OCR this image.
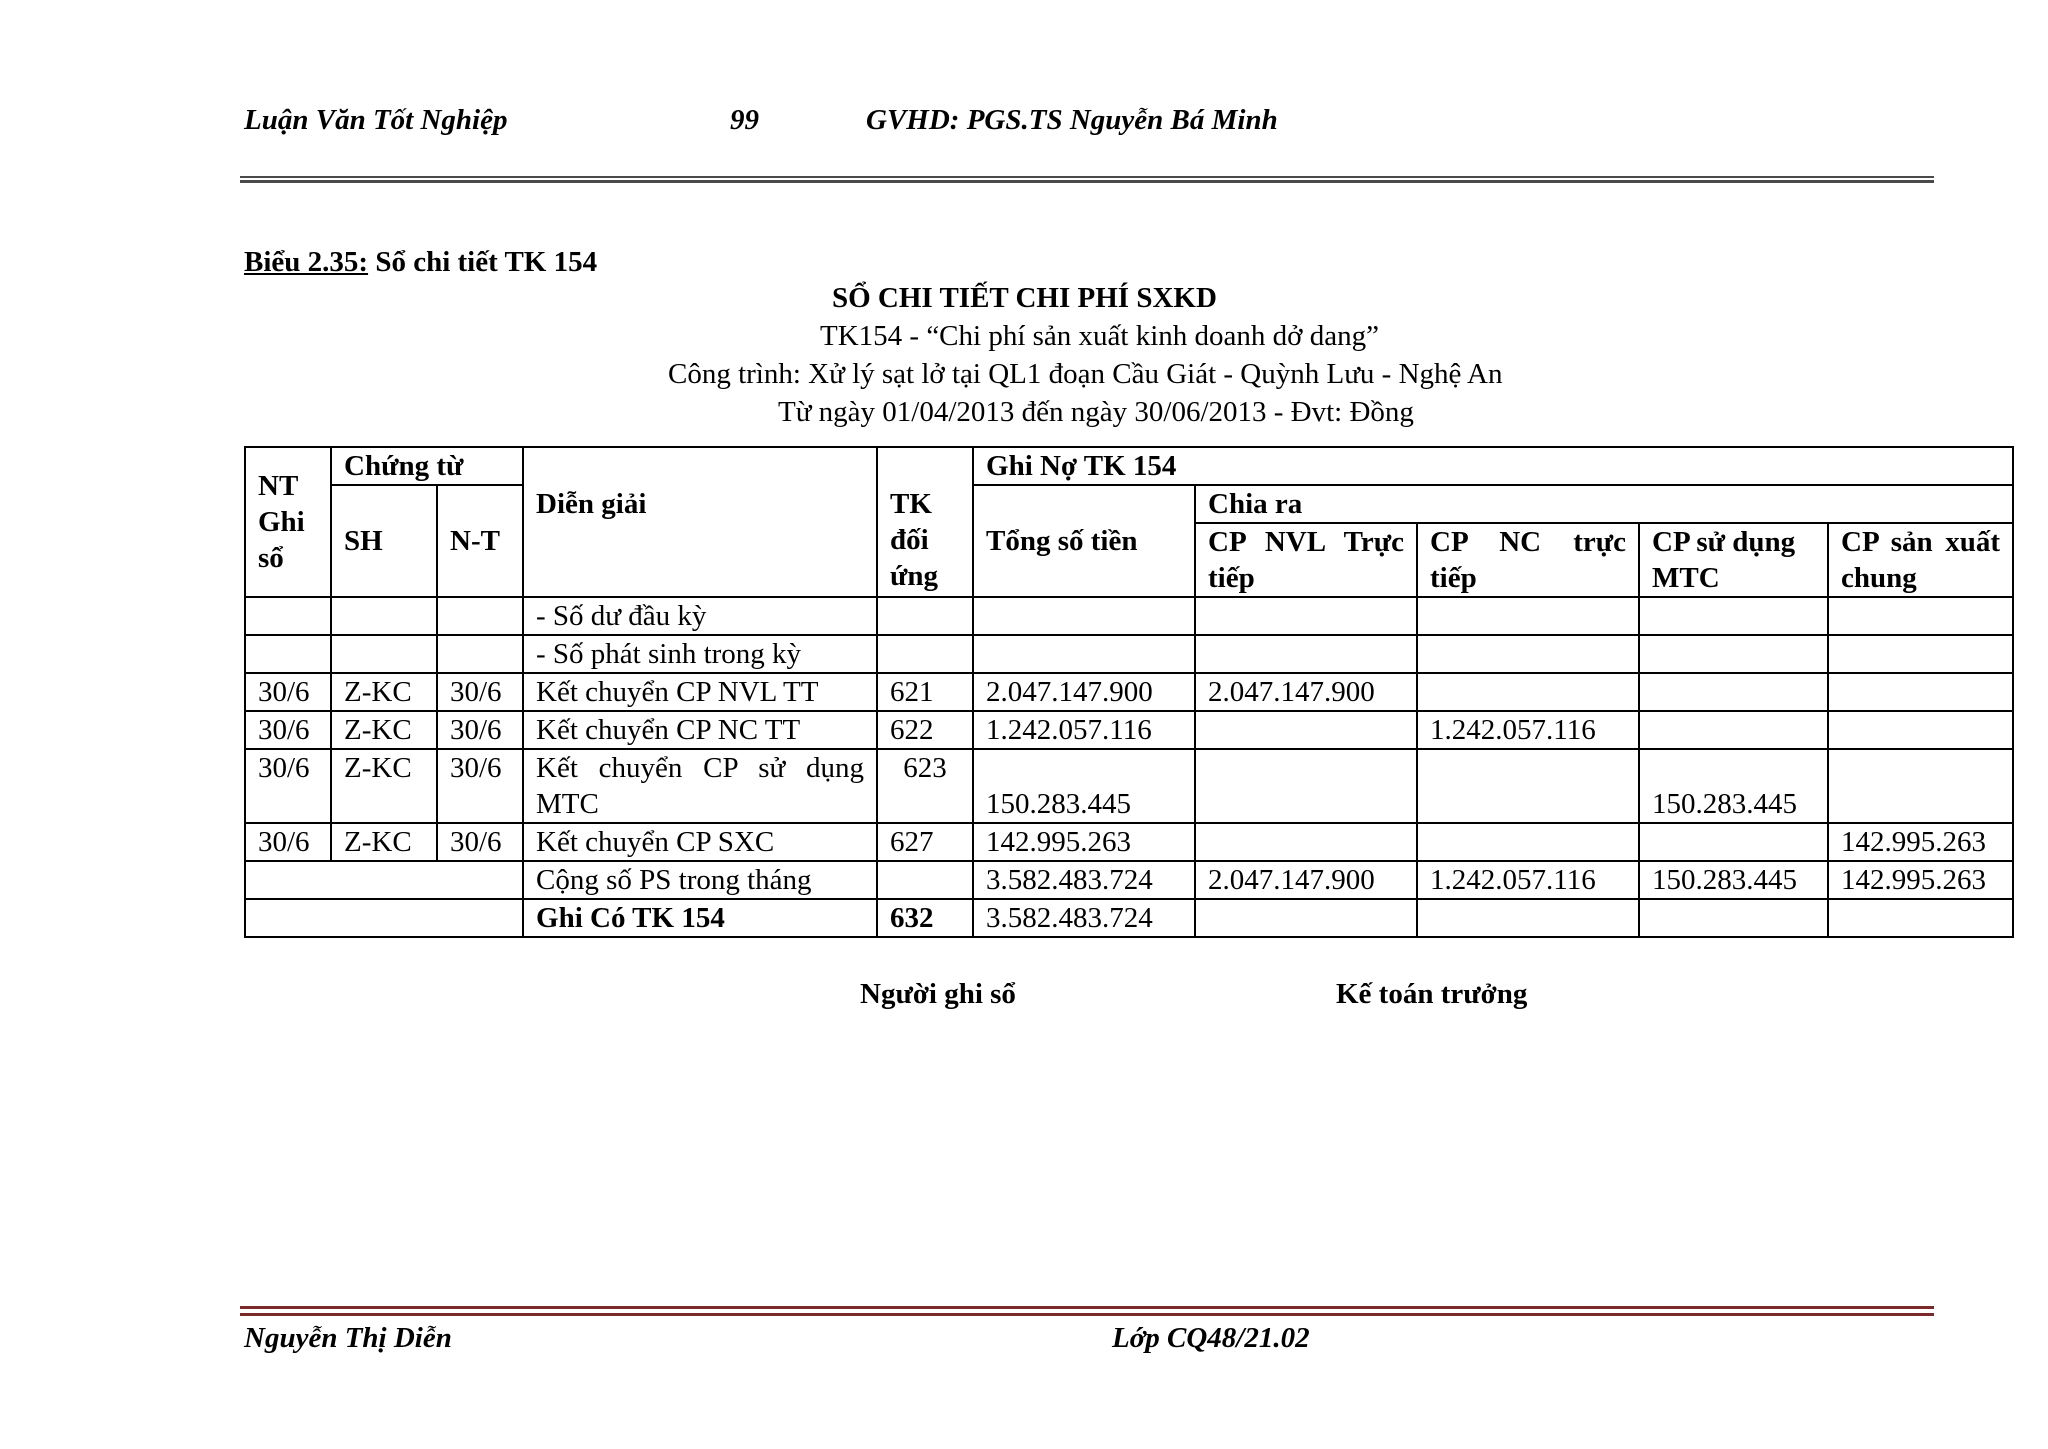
Luận Văn Tốt Nghiệp	99	GVHD: PGS.TS Nguyễn Bá Minh
Biểu 2.35: Sổ chi tiết TK 154
SỔ CHI TIẾT CHI PHÍ SXKD
TK154 - “Chi phí sản xuất kinh doanh dở dang”
Công trình: Xử lý sạt lở tại QL1 đoạn Cầu Giát - Quỳnh Lưu - Nghệ An
Từ ngày 01/04/2013 đến ngày 30/06/2013 - Đvt: Đồng
NT Ghi sổ	Chứng từ		Diễn giải	TK đối ứng	Ghi Nợ TK 154				
	SH	N-T			Tổng số tiền	Chia ra			
						CP NVL Trực tiếp	CP NC trực tiếp	CP sử dụng MTC	CP sản xuất chung

			- Số dư đầu kỳ						
			- Số phát sinh trong kỳ						
30/6	Z-KC	30/6	Kết chuyển CP NVL TT	621	2.047.147.900	2.047.147.900			
30/6	Z-KC	30/6	Kết chuyển CP NC TT	622	1.242.057.116		1.242.057.116		
30/6	Z-KC	30/6	Kết chuyển CP sử dụng MTC	623	150.283.445			150.283.445	
30/6	Z-KC	30/6	Kết chuyển CP SXC	627	142.995.263				142.995.263
			Cộng số PS trong tháng		3.582.483.724	2.047.147.900	1.242.057.116	150.283.445	142.995.263
			Ghi Có TK 154	632	3.582.483.724				
Người ghi sổ	Kế toán trưởng
Nguyễn Thị Diễn	Lớp CQ48/21.02
